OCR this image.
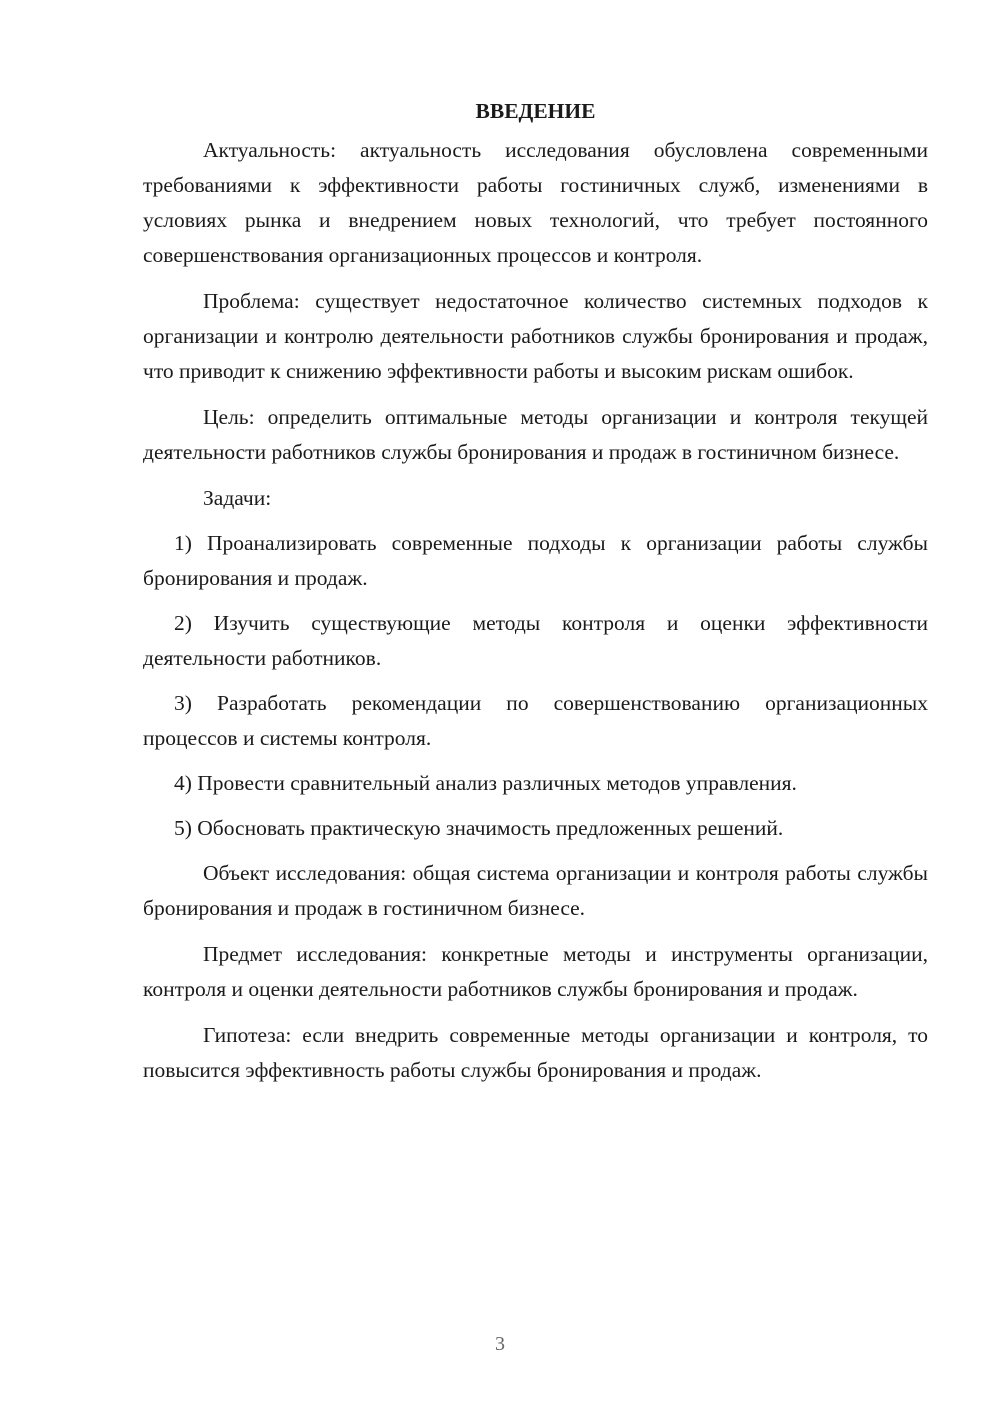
ВВЕДЕНИЕ
Актуальность: актуальность исследования обусловлена современными требованиями к эффективности работы гостиничных служб, изменениями в условиях рынка и внедрением новых технологий, что требует постоянного совершенствования организационных процессов и контроля.
Проблема: существует недостаточное количество системных подходов к организации и контролю деятельности работников службы бронирования и продаж, что приводит к снижению эффективности работы и высоким рискам ошибок.
Цель: определить оптимальные методы организации и контроля текущей деятельности работников службы бронирования и продаж в гостиничном бизнесе.
Задачи:
1) Проанализировать современные подходы к организации работы службы бронирования и продаж.
2) Изучить существующие методы контроля и оценки эффективности деятельности работников.
3) Разработать рекомендации по совершенствованию организационных процессов и системы контроля.
4) Провести сравнительный анализ различных методов управления.
5) Обосновать практическую значимость предложенных решений.
Объект исследования: общая система организации и контроля работы службы бронирования и продаж в гостиничном бизнесе.
Предмет исследования: конкретные методы и инструменты организации, контроля и оценки деятельности работников службы бронирования и продаж.
Гипотеза: если внедрить современные методы организации и контроля, то повысится эффективность работы службы бронирования и продаж.
3
